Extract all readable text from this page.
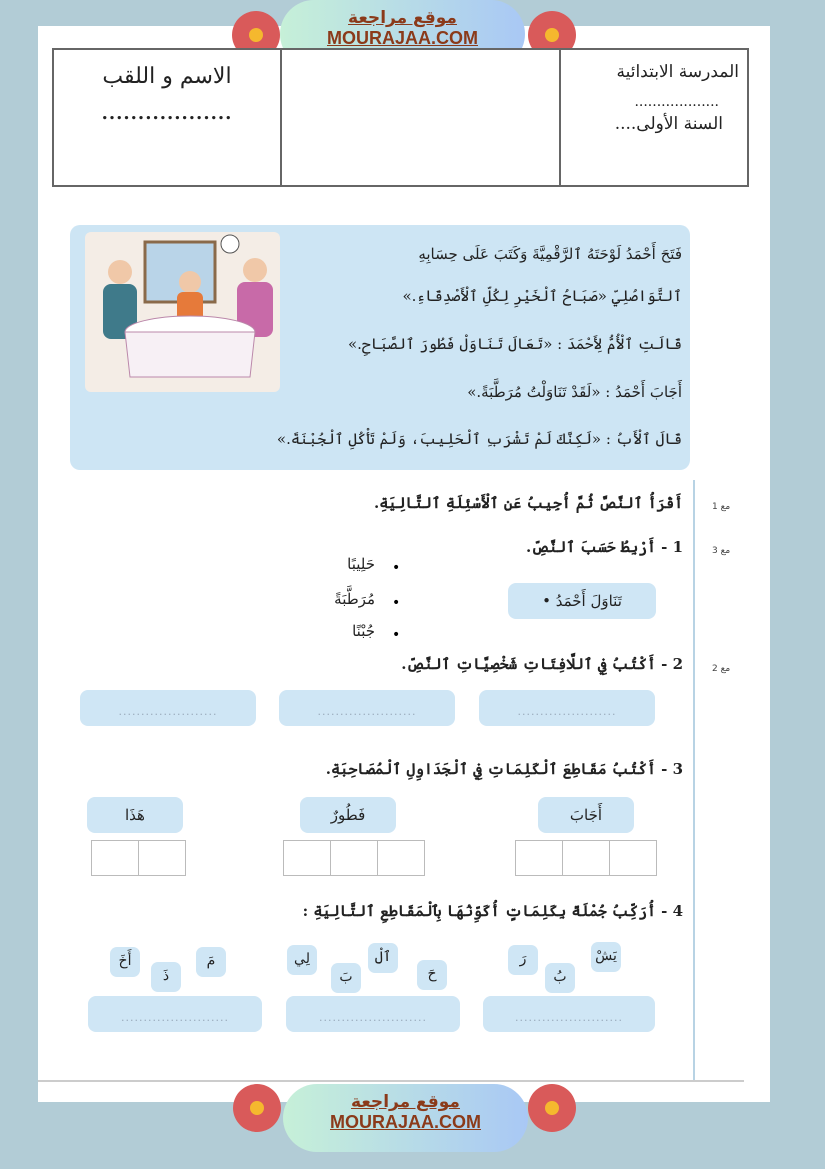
موقع مراجعة
MOURAJAA.COM
الاسم و اللقب
..................
المدرسة الابتدائية
...................
السنة الأولى....
فَتَحَ أَحْمَدُ لَوْحَتَهُ ٱلرَّقْمِيَّةَ وَكَتَبَ عَلَى حِسَابِهِ
ٱلتَّوَاصُلِيِّ «صَبَاحُ ٱلْخَيْرِ لِكُلِّ ٱلْأَصْدِقَاءِ.»
قَالَتِ ٱلْأُمُّ لِأَحْمَدَ : «تَعَالَ تَنَاوَلْ فَطُورَ ٱلصَّبَاحِ.»
أَجَابَ أَحْمَدُ : «لَقَدْ تَنَاوَلْتُ مُرَطَّبَةً.»
قَالَ ٱلْأَبُ : «لَكِنَّكَ لَمْ تَشْرَبِ ٱلْحَلِيبَ، وَلَمْ تَأْكُلِ ٱلْجُبْنَةَ.»
مع 1
أَقْرَأُ ٱلنَّصَّ ثُمَّ أُجِيبُ عَنِ ٱلْأَسْئِلَةِ ٱلتَّالِيَةِ.
مع 3
1 - أَرْبِطُ حَسَبَ ٱلنَّصِّ.
حَلِيبًا
مُرَطَّبَةً
جُبْنًا
•
•
•
تَنَاوَلَ أَحْمَدُ •
مع 2
2 - أَكْتُبُ فِي ٱللَّافِتَاتِ شَخْصِيَّاتِ ٱلنَّصِّ.
......................	......................	......................
3 - أَكْتُبُ مَقَاطِعَ ٱلْكَلِمَاتِ فِي ٱلْجَدَاوِلِ ٱلْمُصَاحِبَةِ.
أَجَابَ
فَطُورٌ
هَذَا
4 - أُرَكِّبُ جُمْلَةً بِكَلِمَاتٍ أُكَوِّنُهَا بِٱلْمَقَاطِعِ ٱلتَّالِيَةِ :
يَشْ
رَ
بُ
ٱلْ
لِي
بَ	حَ
مَ
أَخَ
ذَ
........................	........................	........................
موقع مراجعة
MOURAJAA.COM
